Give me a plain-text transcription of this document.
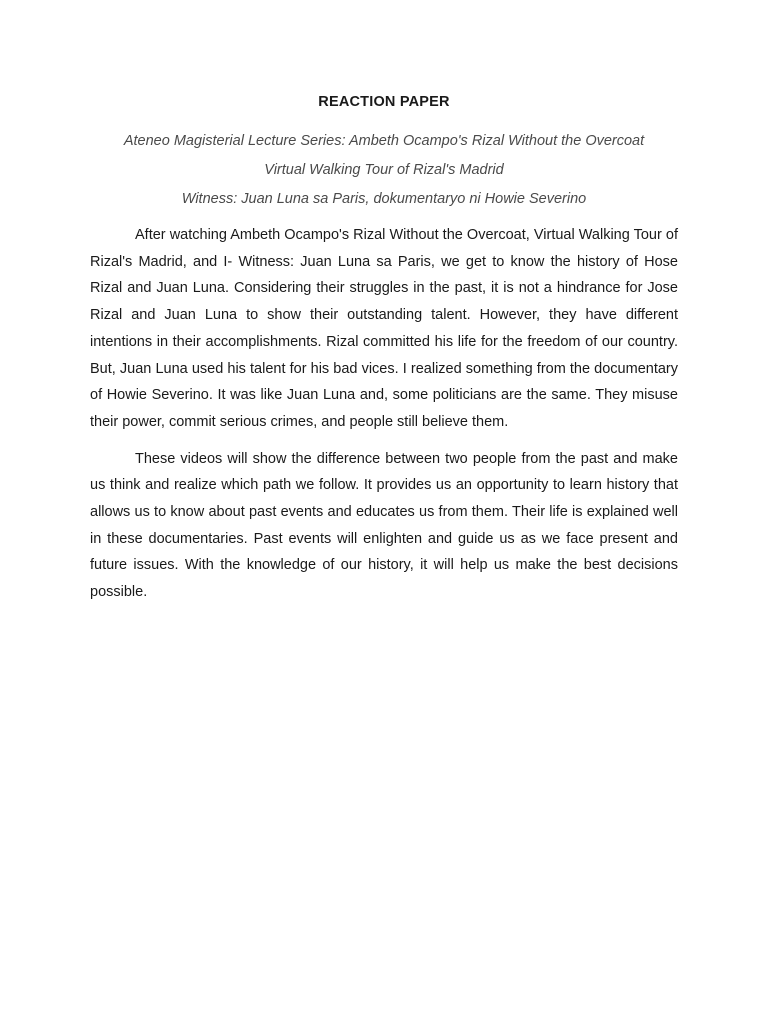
REACTION PAPER

Ateneo Magisterial Lecture Series: Ambeth Ocampo's Rizal Without the Overcoat

Virtual Walking Tour of Rizal's Madrid

Witness: Juan Luna sa Paris, dokumentaryo ni Howie Severino

After watching Ambeth Ocampo's Rizal Without the Overcoat, Virtual Walking Tour of Rizal's Madrid, and I- Witness: Juan Luna sa Paris, we get to know the history of Hose Rizal and Juan Luna. Considering their struggles in the past, it is not a hindrance for Jose Rizal and Juan Luna to show their outstanding talent. However, they have different intentions in their accomplishments. Rizal committed his life for the freedom of our country. But, Juan Luna used his talent for his bad vices. I realized something from the documentary of Howie Severino. It was like Juan Luna and, some politicians are the same. They misuse their power, commit serious crimes, and people still believe them.

These videos will show the difference between two people from the past and make us think and realize which path we follow. It provides us an opportunity to learn history that allows us to know about past events and educates us from them. Their life is explained well in these documentaries. Past events will enlighten and guide us as we face present and future issues. With the knowledge of our history, it will help us make the best decisions possible.
